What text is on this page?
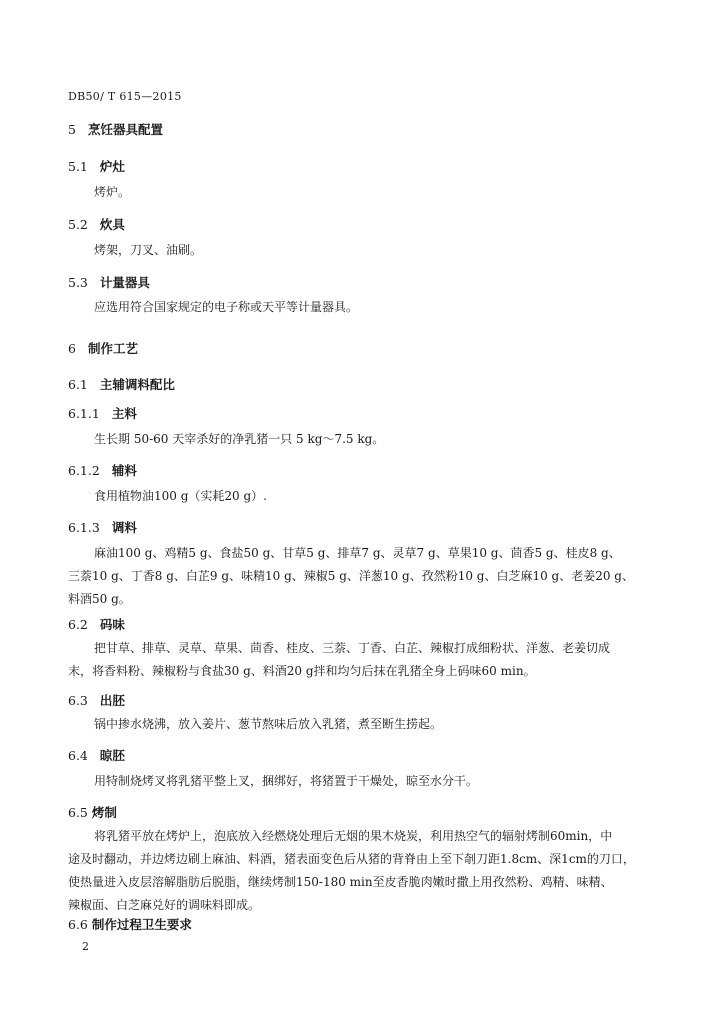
DB50/ T 615—2015
5 烹饪器具配置
5.1 炉灶
烤炉。
5.2 炊具
烤架，刀叉、油刷。
5.3 计量器具
应选用符合国家规定的电子称或天平等计量器具。
6 制作工艺
6.1 主辅调料配比
6.1.1 主料
生长期 50-60 天宰杀好的净乳猪一只 5 kg～7.5 kg。
6.1.2 辅料
食用植物油100 g（实耗20 g）.
6.1.3 调料
麻油100 g、鸡精5 g、食盐50 g、甘草5 g、排草7 g、灵草7 g、草果10 g、茴香5 g、桂皮8 g、
三萘10 g、丁香8 g、白芷9 g、味精10 g、辣椒5 g、洋葱10 g、孜然粉10 g、白芝麻10 g、老姜20 g、
料酒50 g。
6.2 码味
把甘草、排草、灵草、草果、茴香、桂皮、三萘、丁香、白芷、辣椒打成细粉状、洋葱、老姜切成
末，将香料粉、辣椒粉与食盐30 g、料酒20 g拌和均匀后抹在乳猪全身上码味60 min。
6.3 出胚
锅中掺水烧沸，放入姜片、葱节熬味后放入乳猪，煮至断生捞起。
6.4 晾胚
用特制烧烤叉将乳猪平整上叉，捆绑好，将猪置于干燥处，晾至水分干。
6.5 烤制
将乳猪平放在烤炉上，泡底放入经燃烧处理后无烟的果木烧炭，利用热空气的辐射烤制60min，中
途及时翻动，并边烤边刷上麻油、料酒，猪表面变色后从猪的背脊由上至下剞刀距1.8cm、深1cm的刀口，
使热量进入皮层溶解脂肪后脱脂，继续烤制150-180 min至皮香脆肉嫩时撒上用孜然粉、鸡精、味精、
辣椒面、白芝麻兑好的调味料即成。
6.6 制作过程卫生要求
2
